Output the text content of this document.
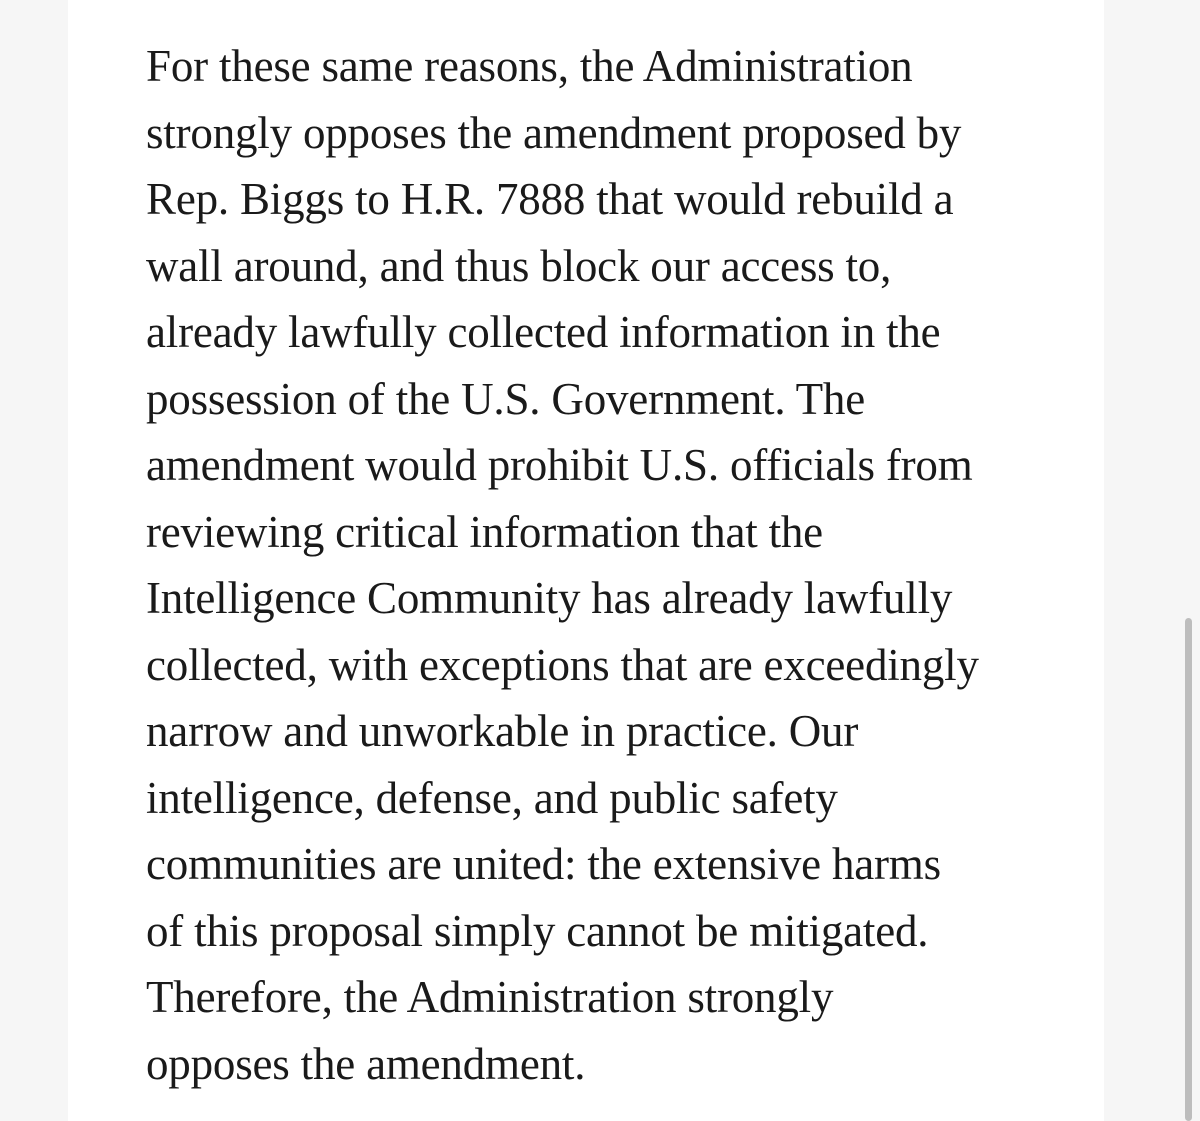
For these same reasons, the Administration
strongly opposes the amendment proposed by
Rep. Biggs to H.R. 7888 that would rebuild a
wall around, and thus block our access to,
already lawfully collected information in the
possession of the U.S. Government. The
amendment would prohibit U.S. officials from
reviewing critical information that the
Intelligence Community has already lawfully
collected, with exceptions that are exceedingly
narrow and unworkable in practice. Our
intelligence, defense, and public safety
communities are united: the extensive harms
of this proposal simply cannot be mitigated.
Therefore, the Administration strongly
opposes the amendment.
